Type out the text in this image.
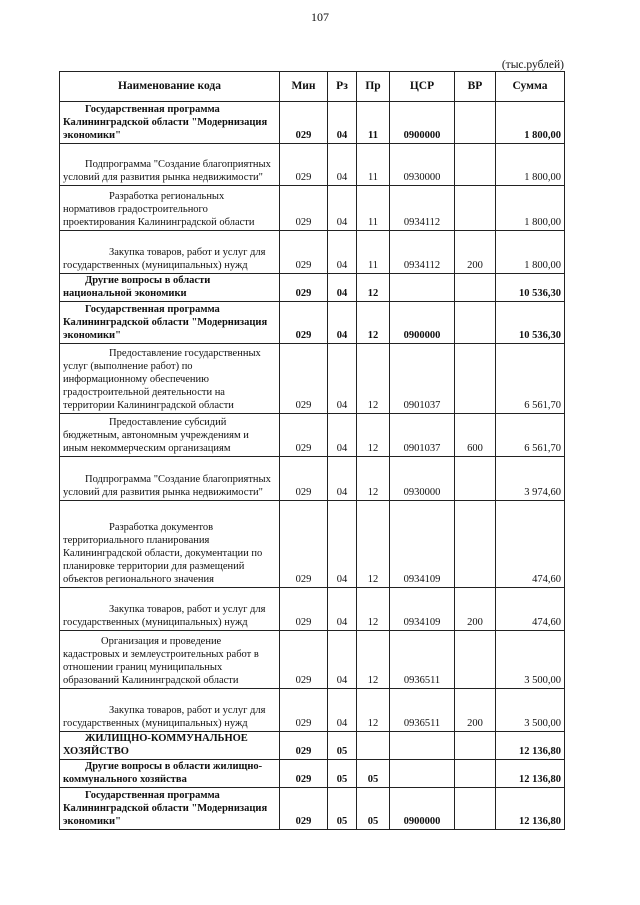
107
(тыс.рублей)
Наименование кода	Мин	Рз	Пр	ЦСР	ВР	Сумма
Государственная программа Калининградской области "Модернизация экономики"	029	04	11	0900000		1 800,00
Подпрограмма "Создание благоприятных условий для развития рынка недвижимости"	029	04	11	0930000		1 800,00
Разработка региональных нормативов градостроительного проектирования Калининградской области	029	04	11	0934112		1 800,00
Закупка товаров, работ и услуг для государственных (муниципальных) нужд	029	04	11	0934112	200	1 800,00
Другие вопросы в области национальной экономики	029	04	12			10 536,30
Государственная программа Калининградской области "Модернизация экономики"	029	04	12	0900000		10 536,30
Предоставление государственных услуг (выполнение работ) по информационному обеспечению градостроительной деятельности на территории Калининградской области	029	04	12	0901037		6 561,70
Предоставление субсидий бюджетным, автономным учреждениям и иным некоммерческим организациям	029	04	12	0901037	600	6 561,70
Подпрограмма "Создание благоприятных условий для развития рынка недвижимости"	029	04	12	0930000		3 974,60
Разработка документов территориального планирования Калининградской области, документации по планировке территории для размещений объектов регионального значения	029	04	12	0934109		474,60
Закупка товаров, работ и услуг для государственных (муниципальных) нужд	029	04	12	0934109	200	474,60
Организация и проведение кадастровых и землеустроительных работ в отношении границ муниципальных образований Калининградской области	029	04	12	0936511		3 500,00
Закупка товаров, работ и услуг для государственных (муниципальных) нужд	029	04	12	0936511	200	3 500,00
ЖИЛИЩНО-КОММУНАЛЬНОЕ ХОЗЯЙСТВО	029	05				12 136,80
Другие вопросы в области жилищно-коммунального хозяйства	029	05	05			12 136,80
Государственная программа Калининградской области "Модернизация экономики"	029	05	05	0900000		12 136,80
